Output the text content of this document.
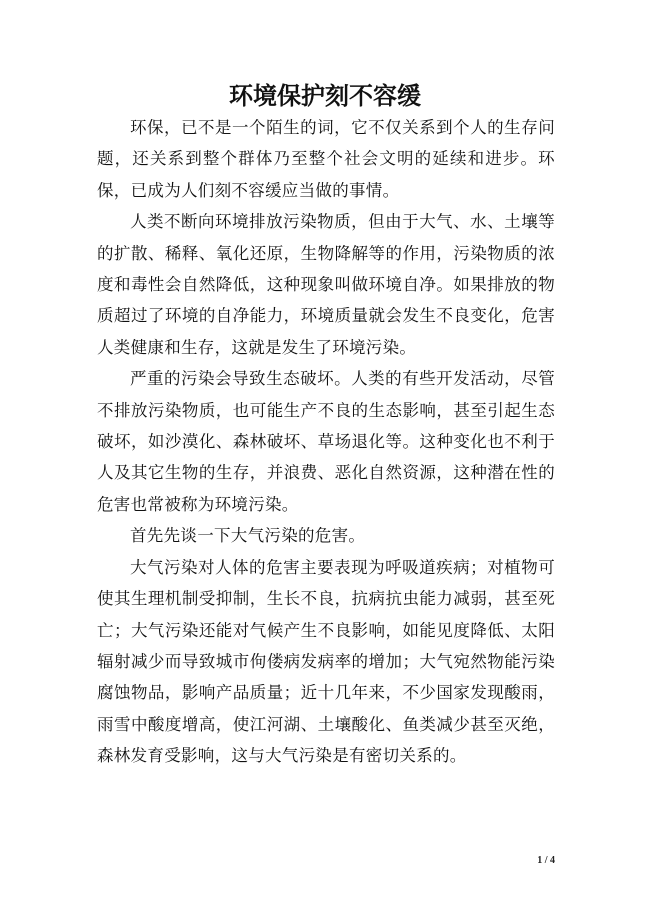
环境保护刻不容缓

环保，已不是一个陌生的词，它不仅关系到个人的生存问题，还关系到整个群体乃至整个社会文明的延续和进步。环保，已成为人们刻不容缓应当做的事情。

人类不断向环境排放污染物质，但由于大气、水、土壤等的扩散、稀释、氧化还原，生物降解等的作用，污染物质的浓度和毒性会自然降低，这种现象叫做环境自净。如果排放的物质超过了环境的自净能力，环境质量就会发生不良变化，危害人类健康和生存，这就是发生了环境污染。

严重的污染会导致生态破坏。人类的有些开发活动，尽管不排放污染物质，也可能生产不良的生态影响，甚至引起生态破坏，如沙漠化、森林破坏、草场退化等。这种变化也不利于人及其它生物的生存，并浪费、恶化自然资源，这种潜在性的危害也常被称为环境污染。

首先先谈一下大气污染的危害。

大气污染对人体的危害主要表现为呼吸道疾病；对植物可使其生理机制受抑制，生长不良，抗病抗虫能力减弱，甚至死亡；大气污染还能对气候产生不良影响，如能见度降低、太阳辐射减少而导致城市佝偻病发病率的增加；大气宛然物能污染腐蚀物品，影响产品质量；近十几年来，不少国家发现酸雨，雨雪中酸度增高，使江河湖、土壤酸化、鱼类减少甚至灭绝，森林发育受影响，这与大气污染是有密切关系的。

1 / 4
